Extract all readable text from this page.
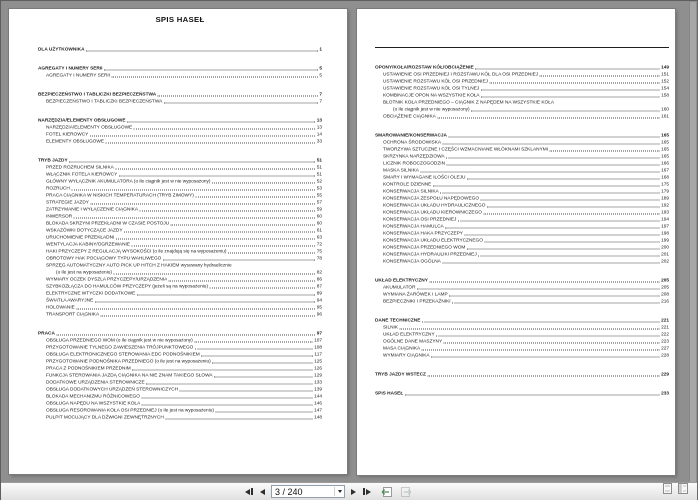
SPIS HASEŁ
DLA UŻYTKOWNIKA	1
AGREGATY I NUMERY SERII	5
AGREGATY I NUMERY SERII	5
BEZPIECZEŃSTWO I TABLICZKI BEZPIECZEŃSTWA	7
BEZPIECZEŃSTWO I TABLICZKI BEZPIECZEŃSTWA	7
NARZĘDZIA/ELEMENTY OBSŁUGOWE	13
NARZĘDZIA/ELEMENTY OBSŁUGOWE	13
FOTEL KIEROWCY	14
ELEMENTY OBSŁUGOWE	33
TRYB JAZDY	51
PRZED ROZRUCHEM SILNIKA	51
WŁĄCZNIK FOTELA KIEROWCY	51
GŁÓWNY WYŁĄCZNIK AKUMULATORA (o ile ciągnik jest w nie wyposażony)	52
ROZRUCH	53
PRACA CIĄGNIKA W NISKICH TEMPERATURACH (TRYB ZIMOWY)	55
STRATEGIE JAZDY	57
ZATRZYMANIE I WYŁĄCZENIE CIĄGNIKA	59
INWERSOR	60
BLOKADA SKRZYNI PRZEKŁADNI W CZASIE POSTOJU	60
WSKAZÓWKI DOTYCZĄCE JAZDY	61
URUCHOMIENIE PRZEKŁADNI	63
WENTYLACJA KABINY/OGRZEWANIE	72
HAKI PRZYCZEPY Z REGULACJĄ WYSOKOŚCI (o ile znajdują się na wyposażeniu)	75
OBROTOWY HAK POCIĄGOWY TYPU WAHLIWEGO	78
SPRZĘG AUTOMATYCZNY AUTO PICK UP HITCH Z HAKIEM wysuwany hydraulicznie
(o ile jest na wyposażeniu)	82
WYMIARY OCZEK DYSZLA PRZYCZEPY/URZĄDZENIA	86
SZYBKOZŁĄCZA DO HAMULCÓW PRZYCZEPY (jeżeli są na wyposażeniu)	87
ELEKTRYCZNE WTYCZKI DODATKOWE	89
ŚWIATŁA AWARYJNE	94
HOLOWANIE	95
TRANSPORT CIĄGNIKA	96
PRACA	97
OBSŁUGA PRZEDNIEGO WOM (o ile ciągnik jest w nie wyposażony)	107
PRZYGOTOWANIE TYLNEGO ZAWIESZENIA TRÓJPUNKTOWEGO	108
OBSŁUGA ELEKTRONICZNEGO STEROWANIA EDC PODNOŚNIKIEM	117
PRZYGOTOWANIE PODNOŚNIKA PRZEDNIEGO (o ile jest na wyposażeniu)	125
PRACA Z PODNOŚNIKIEM PRZEDNIM	126
FUNKCJA STEROWANIA JAZDĄ CIĄGNIKA NA NIE ZNAM TAKIEGO SŁOWA	129
DODATKOWE URZĄDZENIA STEROWNICZE	133
OBSŁUGA DODATKOWYCH URZĄDZEŃ STEROWNICZYCH	139
BLOKADA MECHANIZMU RÓŻNICOWEGO	144
OBSŁUGA NAPĘDU NA WSZYSTKIE KOŁA	146
OBSŁUGA RESOROWANIA KOŁA OSI PRZEDNIEJ (o ile jest na wyposażeniu)	147
PULPIT MOCUJĄCY DLA DŹWIGNI ZEWNĘTRZNYCH	148
OPONY/KOŁA/ROZSTAW KÓŁ/OBCIĄŻENIE	149
USTAWIENIE OSI PRZEDNIEJ I ROZSTAWU KÓŁ DLA OSI PRZEDNIEJ	151
USTAWIENIE ROZSTAWU KÓŁ OSI PRZEDNIEJ	152
USTAWIENIE ROZSTAWU KÓŁ OSI TYLNEJ	154
KOMBINACJE OPON NA WSZYSTKIE KOŁA	158
BŁOTNIK KOŁA PRZEDNIEGO – CIĄGNIK Z NAPĘDEM NA WSZYSTKIE KOŁA
(o ile ciągnik jest w nie wyposażony)	160
OBCIĄŻENIE CIĄGNIKA	161
SMAROWANIE/KONSERWACJA	165
OCHRONA ŚRODOWISKA	165
TWORZYWA SZTUCZNE I CZĘŚCI WZMACNIANE WŁÓKNAMI SZKLANYMI	165
SKRZYNKA NARZĘDZIOWA	165
LICZNIK ROBOCZOGODZIN	166
MASKA SILNIKA	167
SMARY I WYMAGANE ILOŚCI OLEJU	168
KONTROLE DZIENNE	175
KONSERWACJA SILNIKA	179
KONSERWACJA ZESPOŁU NAPĘDOWEGO	189
KONSERWACJA UKŁADU HYDRAULICZNEGO	192
KONSERWACJA UKŁADU KIEROWNICZEGO	193
KONSERWACJA OSI PRZEDNIEJ	194
KONSERWACJA HAMULCA	197
KONSERWACJA HAKA PRZYCZEPY	198
KONSERWACJA UKŁADU ELEKTRYCZNEGO	199
KONSERWACJA PRZEDNIEGO WOM	200
KONSERWACJA HYDRAULIKI PRZEDNIEJ	201
KONSERWACJA OGÓLNA	202
UKŁAD ELEKTRYCZNY	205
AKUMULATOR	205
WYMIANA ŻARÓWEK I LAMP	208
BEZPIECZNIKI I PRZEKAŹNIKI	216
DANE TECHNICZNE	221
SILNIK	221
UKŁAD ELEKTRYCZNY	222
OGÓLNE DANE MASZYNY	223
MASA CIĄGNIKA	227
WYMIARY CIĄGNIKA	228
TRYB JAZDY WSTECZ	229
SPIS HASEŁ	233
3 / 240
